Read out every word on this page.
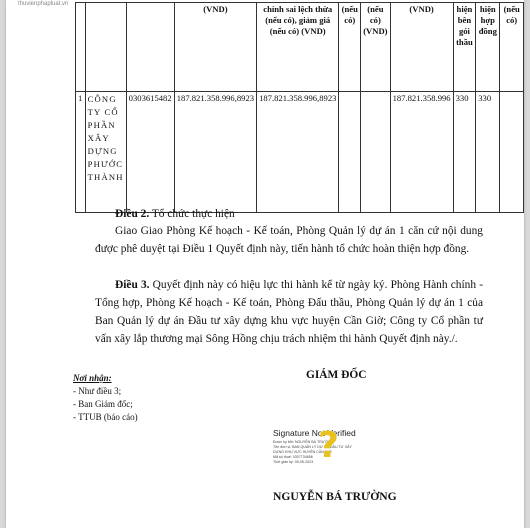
thuvienphapluat.vn
				(VND)	chính sai lệch thừa (nếu có), giảm giá (nếu có) (VND)	(nếu có)	(nếu có) (VND)	(VND)	hiện bên gói thầu	hiện hợp đồng	(nếu có)
1	CÔNG TY CỔ PHẦN XÂY DỰNG PHƯỚC THÀNH	0303615482	187.821.358.996,8923	187.821.358.996,8923			187.821.358.996	330	330	
Điều 2. Tổ chức thực hiện
Giao Giao Phòng Kế hoạch - Kế toán, Phòng Quản lý dự án 1 căn cứ nội dung được phê duyệt tại Điều 1 Quyết định này, tiến hành tổ chức hoàn thiện hợp đồng.
Điều 3. Quyết định này có hiệu lực thi hành kể từ ngày ký. Phòng Hành chính - Tổng hợp, Phòng Kế hoạch - Kế toán, Phòng Đấu thầu, Phòng Quản lý dự án 1 của Ban Quản lý dự án Đầu tư xây dựng khu vực huyện Cần Giờ; Công ty Cổ phần tư vấn xây lắp thương mại Sông Hồng chịu trách nhiệm thi hành Quyết định này./.
Nơi nhận:
- Như điều 3;
- Ban Giám đốc;
- TTUB (báo cáo)
GIÁM ĐỐC
Signature Not Verified
Được ký bởi: NGUYỄN BÁ TRƯỜNG
Tên đơn vị: BAN QUẢN LÝ DỰ ÁN ĐẦU TƯ XÂY
DỰNG KHU VỰC HUYỆN CẦN GIỜ
Mã số thuế: 0307734656
Thời gian ký: 05-05-2023 ?
NGUYỄN BÁ TRƯỜNG
